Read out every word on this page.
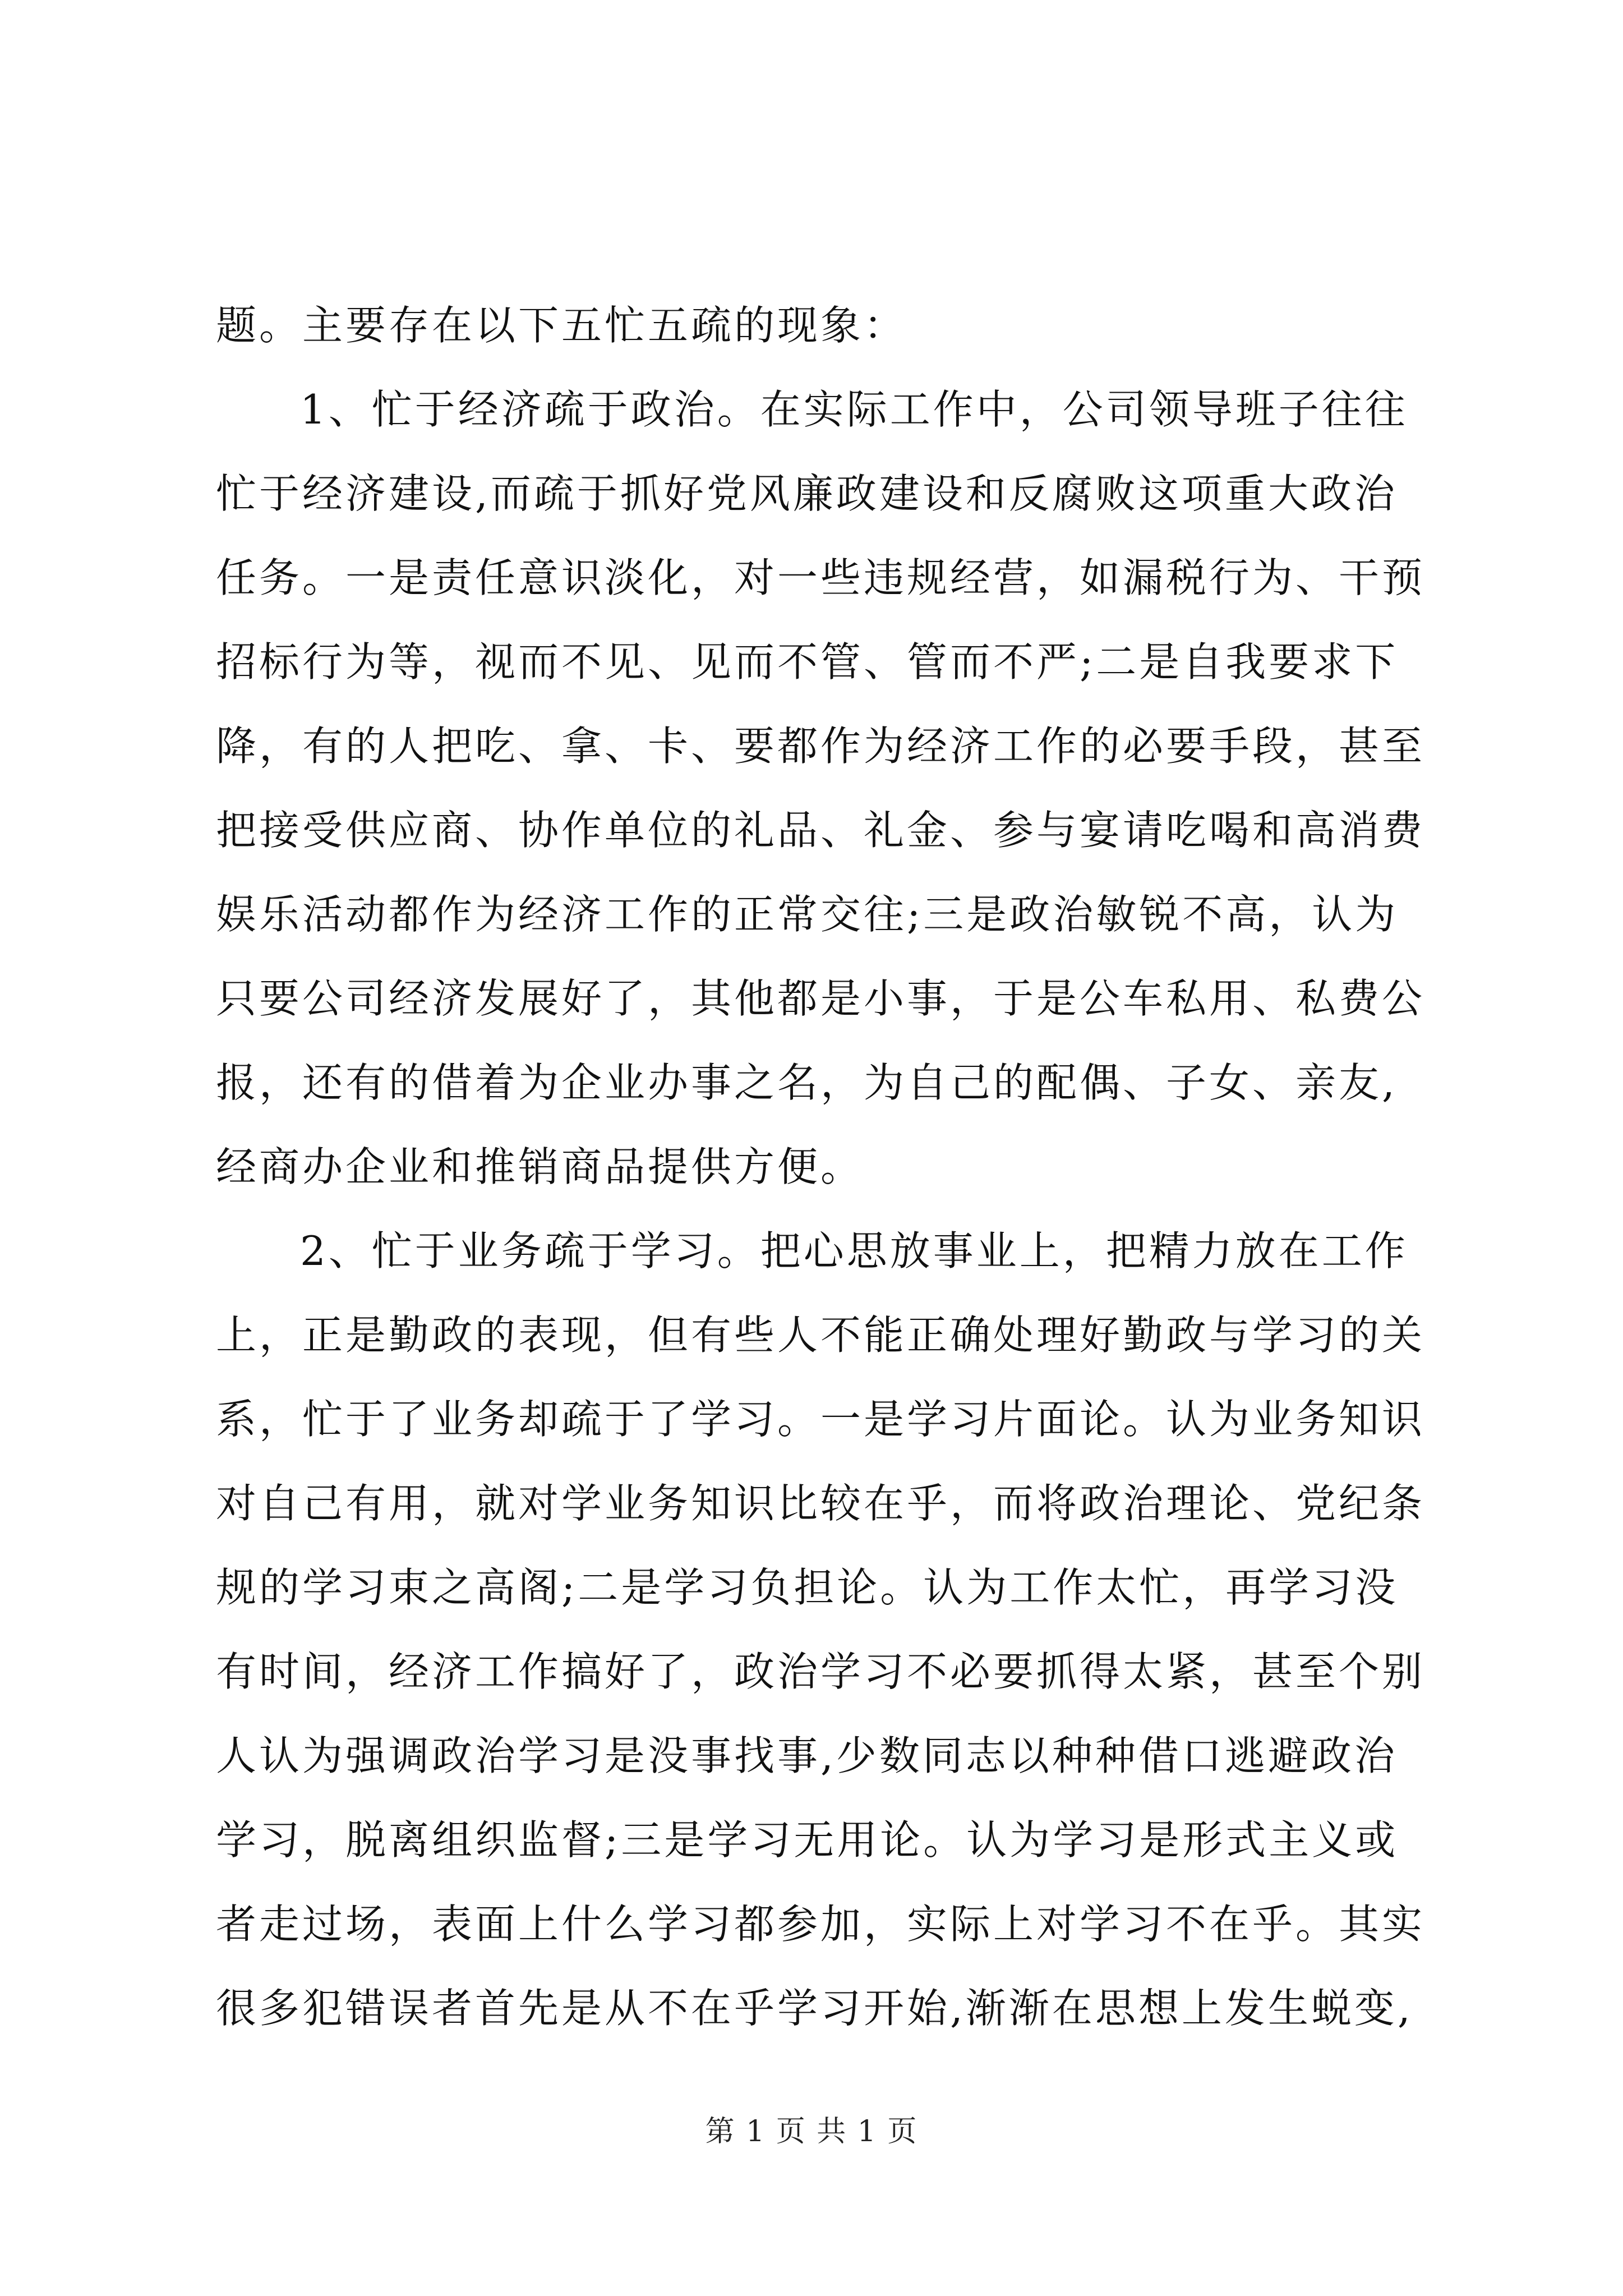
题。主要存在以下五忙五疏的现象：
1、忙于经济疏于政治。在实际工作中，公司领导班子往往
忙于经济建设,而疏于抓好党风廉政建设和反腐败这项重大政治
任务。一是责任意识淡化，对一些违规经营，如漏税行为、干预
招标行为等，视而不见、见而不管、管而不严;二是自我要求下
降，有的人把吃、拿、卡、要都作为经济工作的必要手段，甚至
把接受供应商、协作单位的礼品、礼金、参与宴请吃喝和高消费
娱乐活动都作为经济工作的正常交往;三是政治敏锐不高，认为
只要公司经济发展好了，其他都是小事，于是公车私用、私费公
报，还有的借着为企业办事之名，为自己的配偶、子女、亲友,
经商办企业和推销商品提供方便。
2、忙于业务疏于学习。把心思放事业上，把精力放在工作
上，正是勤政的表现，但有些人不能正确处理好勤政与学习的关
系，忙于了业务却疏于了学习。一是学习片面论。认为业务知识
对自己有用，就对学业务知识比较在乎，而将政治理论、党纪条
规的学习束之高阁;二是学习负担论。认为工作太忙，再学习没
有时间，经济工作搞好了，政治学习不必要抓得太紧，甚至个别
人认为强调政治学习是没事找事,少数同志以种种借口逃避政治
学习，脱离组织监督;三是学习无用论。认为学习是形式主义或
者走过场，表面上什么学习都参加，实际上对学习不在乎。其实
很多犯错误者首先是从不在乎学习开始,渐渐在思想上发生蜕变,
第 1 页 共 1 页
